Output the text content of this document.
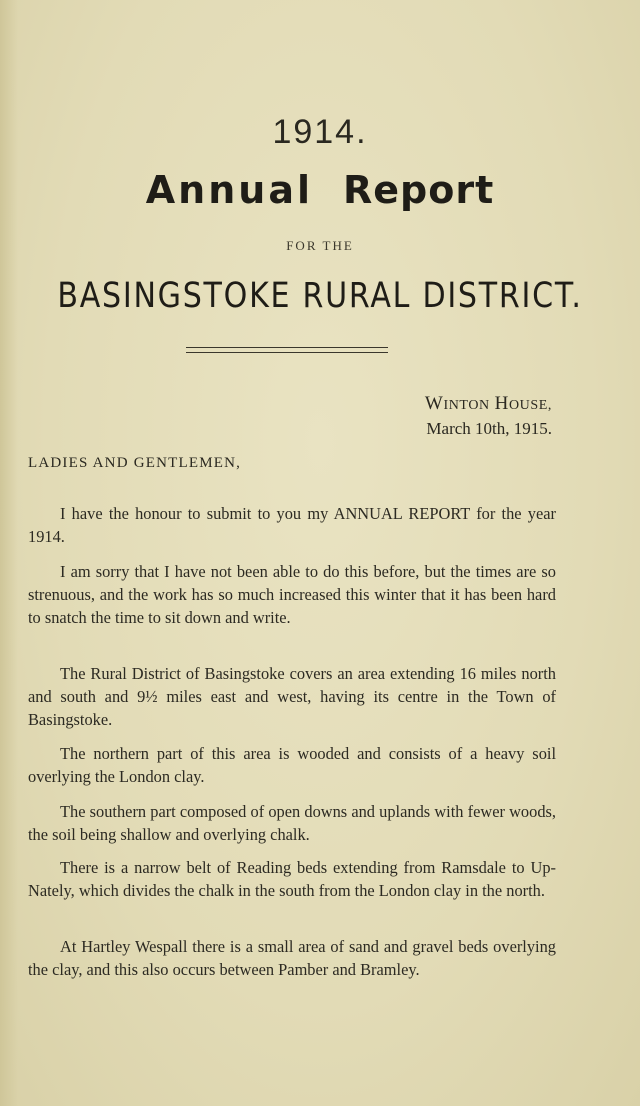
1914.
Annual Report
FOR THE
BASINGSTOKE RURAL DISTRICT.
WINTON HOUSE,
March 10th, 1915.
LADIES AND GENTLEMEN,

I have the honour to submit to you my ANNUAL REPORT for the year 1914.

I am sorry that I have not been able to do this before, but the times are so strenuous, and the work has so much increased this winter that it has been hard to snatch the time to sit down and write.

The Rural District of Basingstoke covers an area extending 16 miles north and south and 9½ miles east and west, having its centre in the Town of Basingstoke.

The northern part of this area is wooded and consists of a heavy soil overlying the London clay.

The southern part composed of open downs and uplands with fewer woods, the soil being shallow and overlying chalk.

There is a narrow belt of Reading beds extending from Ramsdale to Up-Nately, which divides the chalk in the south from the London clay in the north.

At Hartley Wespall there is a small area of sand and gravel beds overlying the clay, and this also occurs between Pamber and Bramley.
